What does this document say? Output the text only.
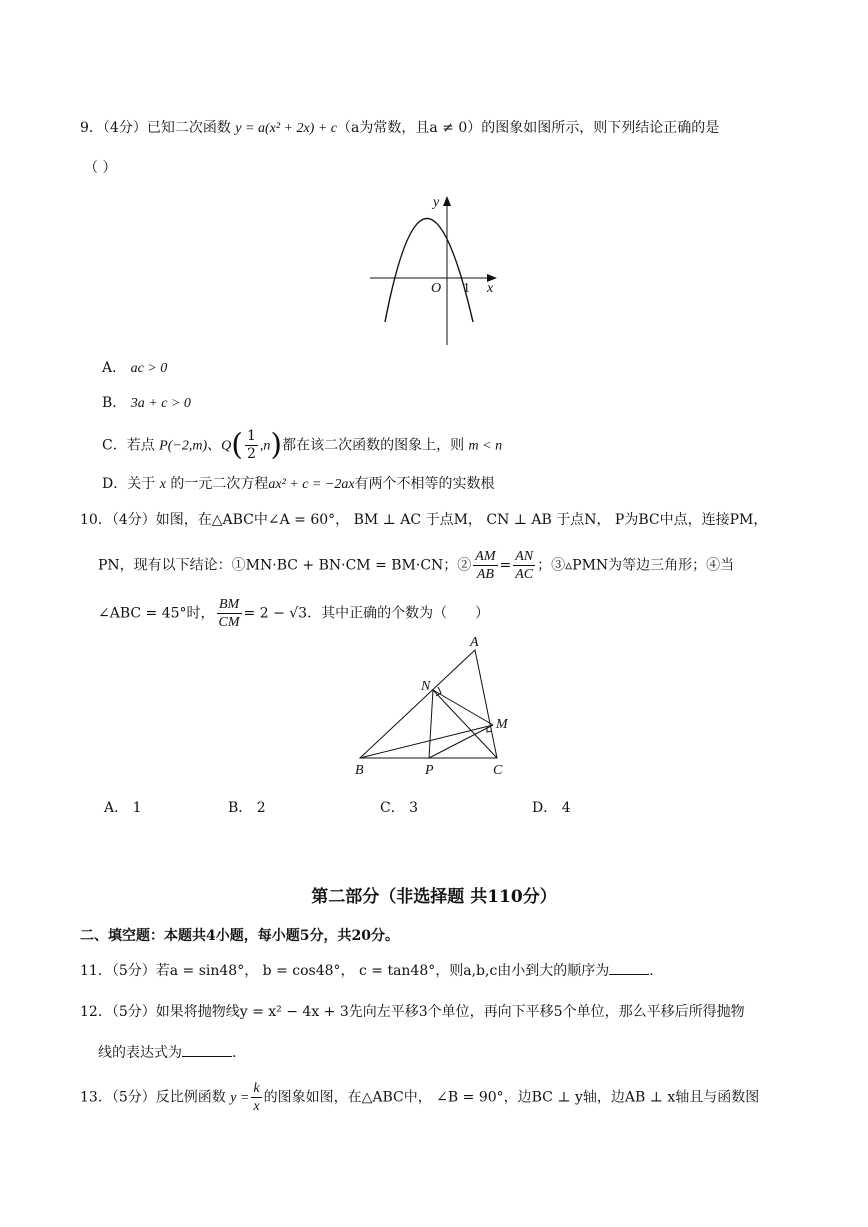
9．（4分）已知二次函数 y = a(x² + 2x) + c（a为常数，且a ≠ 0）的图象如图所示，则下列结论正确的是
（ ）
y
x
O 1
A． ac > 0
B． 3a + c > 0
C．若点 P(−2,m)、$Q( \frac{1}{2} ,n)$都在该二次函数的图象上，则 m < n
D．关于 x 的一元二次方程ax² + c = −2ax有两个不相等的实数根
10．（4分）如图，在△ABC中∠A = 60°， BM ⊥ AC 于点M， CN ⊥ AB 于点N， P为BC中点，连接PM，
PN，现有以下结论：①MN·BC + BN·CM = BM·CN；② $\frac{AM}{AB} = \frac{AN}{AC}$ ；③▵PMN为等边三角形；④当
∠ABC = 45°时， $\frac{BM}{CM} = 2 - √3$．其中正确的个数为（　　）
A
N
M
B	P	C
A． 1	B． 2	C． 3	D． 4
第二部分（非选择题 共110分）
二、填空题：本题共4小题，每小题5分，共20分。
11．（5分）若a = sin48°， b = cos48°， c = tan48°，则a,b,c由小到大的顺序为	．
12．（5分）如果将抛物线y = x² − 4x + 3先向左平移3个单位，再向下平移5个单位，那么平移后所得抛物
线的表达式为	．
13．（5分）反比例函数 $y = \frac{k}{x}$ 的图象如图，在△ABC中， ∠B = 90°，边BC ⊥ y轴，边AB ⊥ x轴且与函数图
